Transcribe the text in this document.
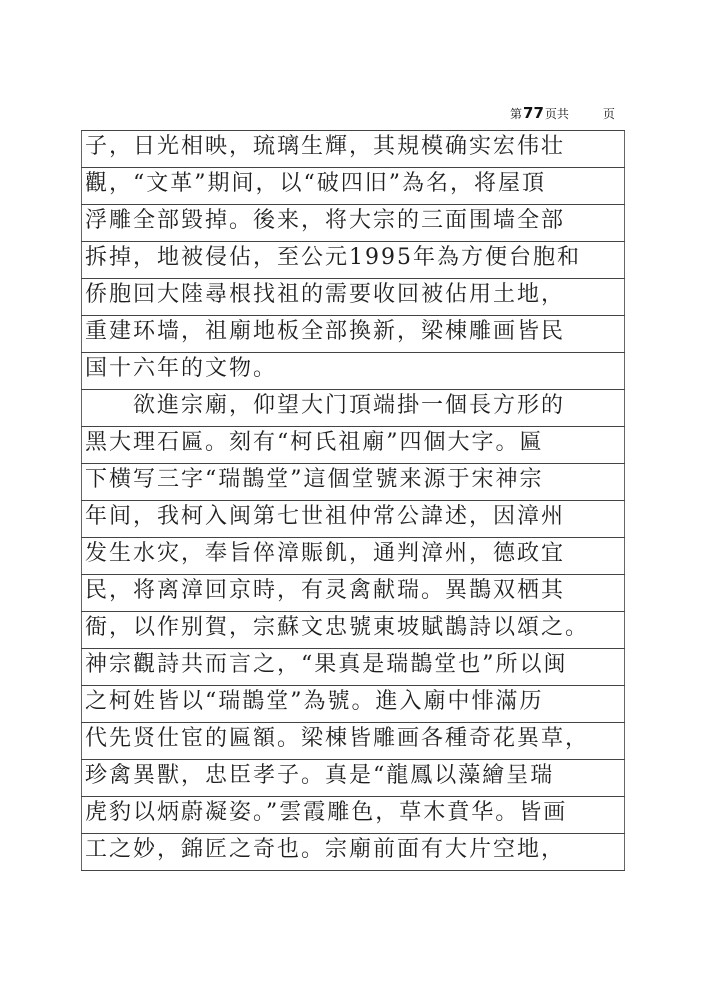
第77页共	页
子，日光相映，琉璃生輝，其規模确实宏伟壮
觀，“文革”期间，以“破四旧”為名，将屋頂
浮雕全部毀掉。後来，将大宗的三面围墙全部
拆掉，地被侵佔，至公元1995年為方便台胞和
侨胞回大陸尋根找祖的需要收回被佔用土地，
重建环墙，祖廟地板全部換新，梁棟雕画皆民
国十六年的文物。
　　欲進宗廟，仰望大门頂端掛一個長方形的
黑大理石匾。刻有“柯氏祖廟”四個大字。匾
下横写三字“瑞鵲堂”這個堂號来源于宋神宗
年间，我柯入闽第七世祖仲常公諱述，因漳州
发生水灾，奉旨倅漳賑飢，通判漳州，德政宜
民，将离漳回京時，有灵禽献瑞。異鵲双栖其
衙，以作别賀，宗蘇文忠號東坡賦鵲詩以頌之。
神宗觀詩共而言之，“果真是瑞鵲堂也”所以闽
之柯姓皆以“瑞鵲堂”為號。進入廟中悱滿历
代先贤仕宦的匾額。梁棟皆雕画各種奇花異草，
珍禽異獸，忠臣孝子。真是“龍鳳以藻繪呈瑞
虎豹以炳蔚凝姿。”雲霞雕色，草木賁华。皆画
工之妙，錦匠之奇也。宗廟前面有大片空地，
